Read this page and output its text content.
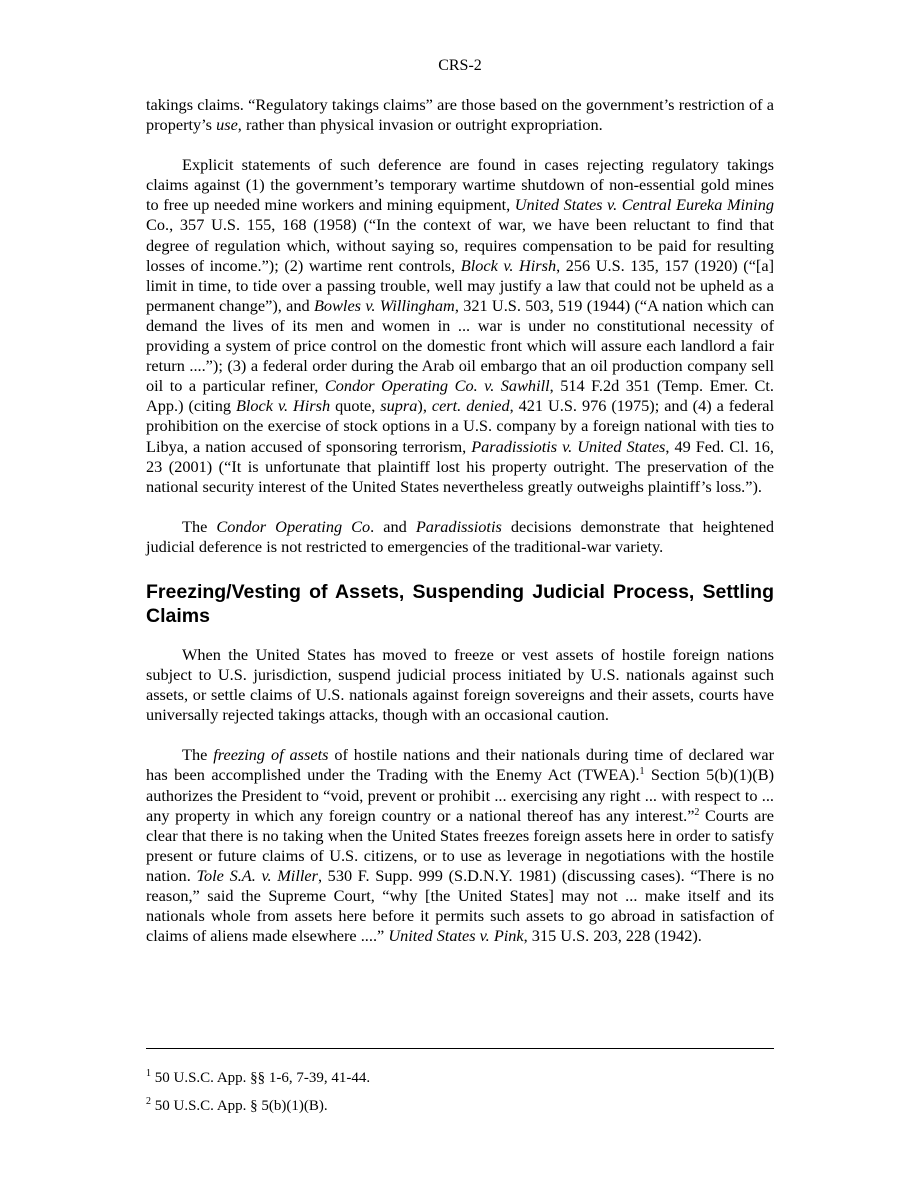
CRS-2

takings claims. “Regulatory takings claims” are those based on the government’s restriction of a property’s use, rather than physical invasion or outright expropriation.

Explicit statements of such deference are found in cases rejecting regulatory takings claims against (1) the government’s temporary wartime shutdown of non-essential gold mines to free up needed mine workers and mining equipment, United States v. Central Eureka Mining Co., 357 U.S. 155, 168 (1958) (“In the context of war, we have been reluctant to find that degree of regulation which, without saying so, requires compensation to be paid for resulting losses of income.”); (2) wartime rent controls, Block v. Hirsh, 256 U.S. 135, 157 (1920) (“[a] limit in time, to tide over a passing trouble, well may justify a law that could not be upheld as a permanent change”), and Bowles v. Willingham, 321 U.S. 503, 519 (1944) (“A nation which can demand the lives of its men and women in ... war is under no constitutional necessity of providing a system of price control on the domestic front which will assure each landlord a fair return ....”); (3) a federal order during the Arab oil embargo that an oil production company sell oil to a particular refiner, Condor Operating Co. v. Sawhill, 514 F.2d 351 (Temp. Emer. Ct. App.) (citing Block v. Hirsh quote, supra), cert. denied, 421 U.S. 976 (1975); and (4) a federal prohibition on the exercise of stock options in a U.S. company by a foreign national with ties to Libya, a nation accused of sponsoring terrorism, Paradissiotis v. United States, 49 Fed. Cl. 16, 23 (2001) (“It is unfortunate that plaintiff lost his property outright. The preservation of the national security interest of the United States nevertheless greatly outweighs plaintiff’s loss.”).

The Condor Operating Co. and Paradissiotis decisions demonstrate that heightened judicial deference is not restricted to emergencies of the traditional-war variety.

Freezing/Vesting of Assets, Suspending Judicial Process, Settling Claims

When the United States has moved to freeze or vest assets of hostile foreign nations subject to U.S. jurisdiction, suspend judicial process initiated by U.S. nationals against such assets, or settle claims of U.S. nationals against foreign sovereigns and their assets, courts have universally rejected takings attacks, though with an occasional caution.

The freezing of assets of hostile nations and their nationals during time of declared war has been accomplished under the Trading with the Enemy Act (TWEA).$^1$ Section 5(b)(1)(B) authorizes the President to “void, prevent or prohibit ... exercising any right ... with respect to ... any property in which any foreign country or a national thereof has any interest.”$^2$ Courts are clear that there is no taking when the United States freezes foreign assets here in order to satisfy present or future claims of U.S. citizens, or to use as leverage in negotiations with the hostile nation. Tole S.A. v. Miller, 530 F. Supp. 999 (S.D.N.Y. 1981) (discussing cases). “There is no reason,” said the Supreme Court, “why [the United States] may not ... make itself and its nationals whole from assets here before it permits such assets to go abroad in satisfaction of claims of aliens made elsewhere ....” United States v. Pink, 315 U.S. 203, 228 (1942).

$^1$ 50 U.S.C. App. §§ 1-6, 7-39, 41-44.

$^2$ 50 U.S.C. App. § 5(b)(1)(B).
